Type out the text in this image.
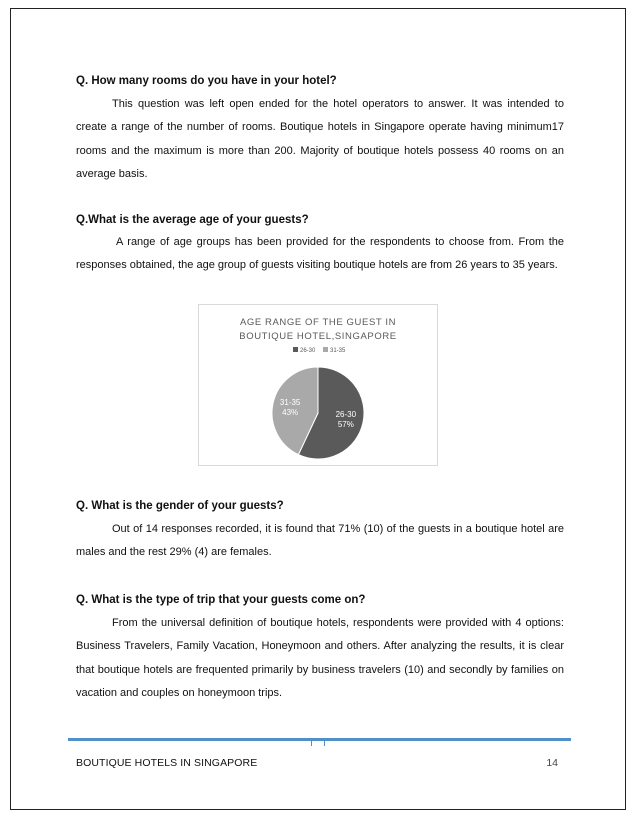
Q. How many rooms do you have in your hotel?

This question was left open ended for the hotel operators to answer. It was intended to create a range of the number of rooms. Boutique hotels in Singapore operate having minimum17 rooms and the maximum is more than 200. Majority of boutique hotels possess 40 rooms on an average basis.

Q.What is the average age of your guests?

A range of age groups has been provided for the respondents to choose from. From the responses obtained, the age group of guests visiting boutique hotels are from 26 years to 35 years.

Q. What is the gender of your guests?

Out of 14 responses recorded, it is found that 71% (10) of the guests in a boutique hotel are males and the rest 29% (4) are females.

Q. What is the type of trip that your guests come on?

From the universal definition of boutique hotels, respondents were provided with 4 options: Business Travelers, Family Vacation, Honeymoon and others. After analyzing the results, it is clear that boutique hotels are frequented primarily by business travelers (10) and secondly by families on vacation and couples on honeymoon trips.

AGE RANGE OF THE GUEST IN
BOUTIQUE HOTEL,SINGAPORE
26-30 31-35
26-30
57%
31-35
43%
BOUTIQUE HOTELS IN SINGAPORE	14
